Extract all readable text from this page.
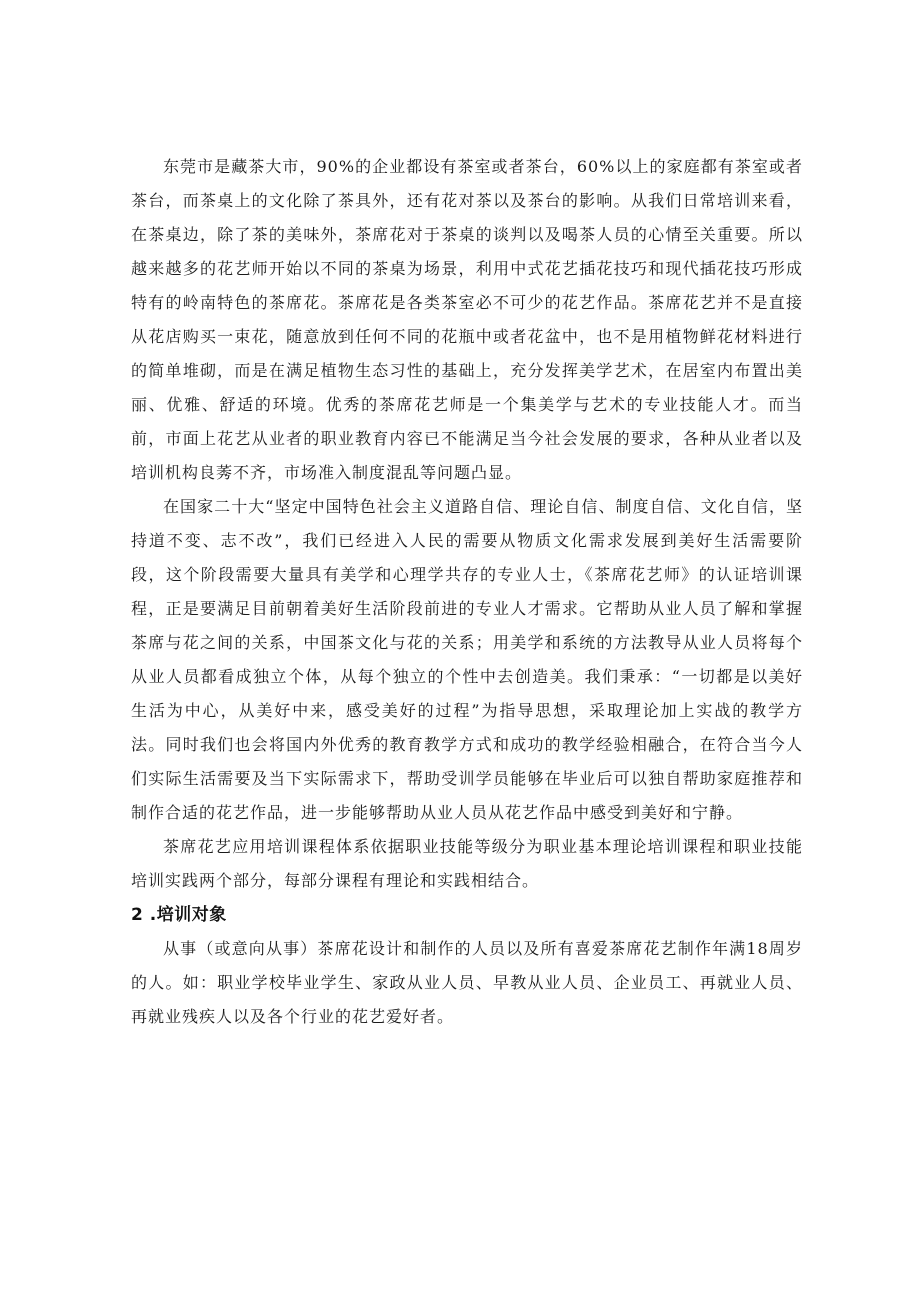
东莞市是藏茶大市，90%的企业都设有茶室或者茶台，60%以上的家庭都有茶室或者茶台，而茶桌上的文化除了茶具外，还有花对茶以及茶台的影响。从我们日常培训来看，在茶桌边，除了茶的美味外，茶席花对于茶桌的谈判以及喝茶人员的心情至关重要。所以越来越多的花艺师开始以不同的茶桌为场景，利用中式花艺插花技巧和现代插花技巧形成特有的岭南特色的茶席花。茶席花是各类茶室必不可少的花艺作品。茶席花艺并不是直接从花店购买一束花，随意放到任何不同的花瓶中或者花盆中，也不是用植物鲜花材料进行的简单堆砌，而是在满足植物生态习性的基础上，充分发挥美学艺术，在居室内布置出美丽、优雅、舒适的环境。优秀的茶席花艺师是一个集美学与艺术的专业技能人才。而当前，市面上花艺从业者的职业教育内容已不能满足当今社会发展的要求，各种从业者以及培训机构良莠不齐，市场准入制度混乱等问题凸显。

在国家二十大“坚定中国特色社会主义道路自信、理论自信、制度自信、文化自信，坚持道不变、志不改”，我们已经进入人民的需要从物质文化需求发展到美好生活需要阶段，这个阶段需要大量具有美学和心理学共存的专业人士，《茶席花艺师》的认证培训课程，正是要满足目前朝着美好生活阶段前进的专业人才需求。它帮助从业人员了解和掌握茶席与花之间的关系，中国茶文化与花的关系；用美学和系统的方法教导从业人员将每个从业人员都看成独立个体，从每个独立的个性中去创造美。我们秉承：“一切都是以美好生活为中心，从美好中来，感受美好的过程”为指导思想，采取理论加上实战的教学方法。同时我们也会将国内外优秀的教育教学方式和成功的教学经验相融合，在符合当今人们实际生活需要及当下实际需求下，帮助受训学员能够在毕业后可以独自帮助家庭推荐和制作合适的花艺作品，进一步能够帮助从业人员从花艺作品中感受到美好和宁静。

茶席花艺应用培训课程体系依据职业技能等级分为职业基本理论培训课程和职业技能培训实践两个部分，每部分课程有理论和实践相结合。

2 .培训对象

从事（或意向从事）茶席花设计和制作的人员以及所有喜爱茶席花艺制作年满18周岁的人。如：职业学校毕业学生、家政从业人员、早教从业人员、企业员工、再就业人员、再就业残疾人以及各个行业的花艺爱好者。
